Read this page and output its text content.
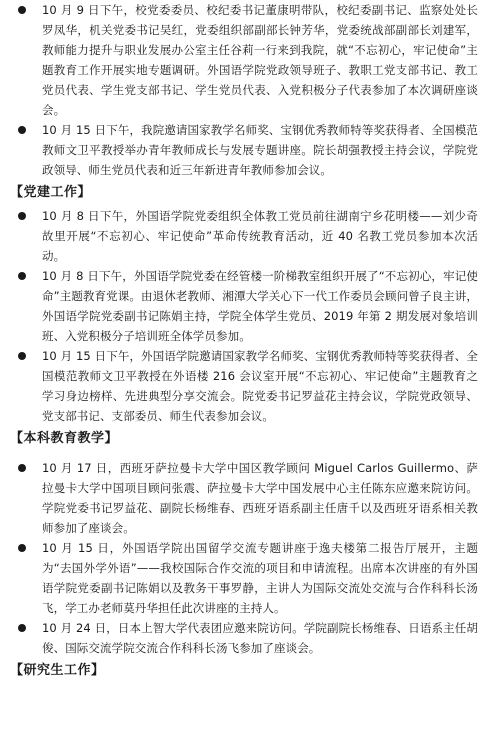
10 月 9 日下午，校党委委员、校纪委书记董康明带队，校纪委副书记、监察处处长罗凤华，机关党委书记吴红，党委组织部副部长钟芳华，党委统战部副部长刘建军，教师能力提升与职业发展办公室主任谷莉一行来到我院，就“不忘初心，牢记使命”主题教育工作开展实地专题调研。外国语学院党政领导班子、教职工党支部书记、教工党员代表、学生党支部书记、学生党员代表、入党积极分子代表参加了本次调研座谈会。
10 月 15 日下午，我院邀请国家教学名师奖、宝钢优秀教师特等奖获得者、全国模范教师文卫平教授举办青年教师成长与发展专题讲座。院长胡强教授主持会议，学院党政领导、师生党员代表和近三年新进青年教师参加会议。
【党建工作】
10 月 8 日下午，外国语学院党委组织全体教工党员前往湖南宁乡花明楼——刘少奇故里开展“不忘初心、牢记使命”革命传统教育活动，近 40 名教工党员参加本次活动。
10 月 8 日下午，外国语学院党委在经管楼一阶梯教室组织开展了“不忘初心，牢记使命”主题教育党课。由退休老教师、湘潭大学关心下一代工作委员会顾问曾子良主讲，外国语学院党委副书记陈娟主持，学院全体学生党员、2019 年第 2 期发展对象培训班、入党积极分子培训班全体学员参加。
10 月 15 日下午，外国语学院邀请国家教学名师奖、宝钢优秀教师特等奖获得者、全国模范教师文卫平教授在外语楼 216 会议室开展“不忘初心、牢记使命”主题教育之学习身边榜样、先进典型分享交流会。院党委书记罗益花主持会议，学院党政领导、党支部书记、支部委员、师生代表参加会议。
【本科教育教学】
10 月 17 日，西班牙萨拉曼卡大学中国区教学顾问 Miguel Carlos Guillermo、萨拉曼卡大学中国项目顾问张震、萨拉曼卡大学中国发展中心主任陈东应邀来院访问。学院党委书记罗益花、副院长杨维春、西班牙语系副主任唐千以及西班牙语系相关教师参加了座谈会。
10 月 15 日，外国语学院出国留学交流专题讲座于逸夫楼第二报告厅展开，主题为“去国外学外语”——我校国际合作交流的项目和申请流程。出席本次讲座的有外国语学院党委副书记陈娟以及教务干事罗静，主讲人为国际交流处交流与合作科科长汤飞，学工办老师莫丹华担任此次讲座的主持人。
10 月 24 日，日本上智大学代表团应邀来院访问。学院副院长杨维春、日语系主任胡俊、国际交流学院交流合作科科长汤飞参加了座谈会。
【研究生工作】
